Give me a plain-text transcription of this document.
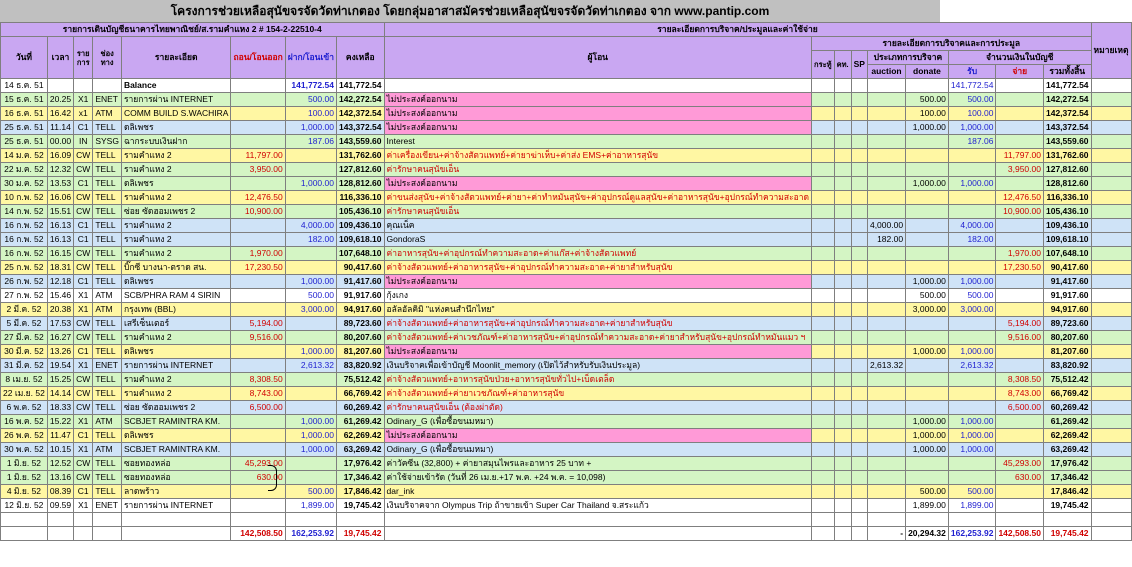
โครงการช่วยเหลือสุนัขจรจัดวัดท่าเกตอง โดยกลุ่มอาสาสมัครช่วยเหลือสุนัขจรจัดวัดท่าเกตอง จาก www.pantip.com
รายการเดินบัญชีธนาคารไทยพาณิชย์/ส.รามคำแหง 2 # 154-2-22510-4								รายละเอียดการบริจาค/ประมูลและค่าใช้จ่าย									หมายเหตุ
วันที่	เวลา	ราย การ	ช่อง ทาง	รายละเอียด	ถอน/โอนออก	ฝาก/โอนเข้า	คงเหลือ	ผู้โอน	รายละเอียดการบริจาคและการประมูล								
									กระทู้	คท.	SP	ประเภทการบริจาค		จำนวนเงินในบัญชี			
												auction	donate	รับ	จ่าย	รวมทั้งสิ้น	
14 ธ.ค. 51				Balance		141,772.54	141,772.54							141,772.54		141,772.54	
15 ธ.ค. 51	20.25	X1	ENET	รายการผ่าน INTERNET		500.00	142,272.54	ไม่ประสงค์ออกนาม					500.00	500.00		142,272.54	
16 ธ.ค. 51	16.42	x1	ATM	COMM BUILD S.WACHIRA		100.00	142,372.54	ไม่ประสงค์ออกนาม					100.00	100.00		142,372.54	
25 ธ.ค. 51	11.14	C1	TELL	ดลิเพชร		1,000.00	143,372.54	ไม่ประสงค์ออกนาม					1,000.00	1,000.00		143,372.54	
25 ธ.ค. 51	00.00	IN	SYSG	ฉากระบบเงินฝาก		187.06	143,559.60	Interest						187.06		143,559.60	
14 ม.ค. 52	16.09	CW	TELL	รามคำแหง 2	11,797.00		131,762.60	ค่าเครื่องเขียน+ค่าจ้างสัตวแพทย์+ค่ายาฆ่าเห็บ+ค่าส่ง EMS+ค่าอาหารสุนัข							11,797.00	131,762.60	
22 ม.ค. 52	12.32	CW	TELL	รามคำแหง 2	3,950.00		127,812.60	ค่ารักษาคนสุนัขเอ็น							3,950.00	127,812.60	
30 ม.ค. 52	13.53	C1	TELL	ดลิเพชร		1,000.00	128,812.60	ไม่ประสงค์ออกนาม					1,000.00	1,000.00		128,812.60	
10 ก.พ. 52	16.06	CW	TELL	รามคำแหง 2	12,476.50		116,336.10	ค่าขนส่งสุนัข+ค่าจ้างสัตวแพทย์+ค่ายา+ค่าทำหมันสุนัข+ค่าอุปกรณ์ดูแลสุนัข+ค่าอาหารสุนัข+อุปกรณ์ทำความสะอาด							12,476.50	116,336.10	
14 ก.พ. 52	15.51	CW	TELL	ซ่อย ซัดฮอมเพชร 2	10,900.00		105,436.10	ค่ารักษาคนสุนัขเอ็น							10,900.00	105,436.10	
16 ก.พ. 52	16.13	C1	TELL	รามคำแหง 2		4,000.00	109,436.10	คุณเน็ค				4,000.00		4,000.00		109,436.10	
16 ก.พ. 52	16.13	C1	TELL	รามคำแหง 2		182.00	109,618.10	GondoraS				182.00		182.00		109,618.10	
16 ก.พ. 52	16.15	CW	TELL	รามคำแหง 2	1,970.00		107,648.10	ค่าอาหารสุนัข+ค่าอุปกรณ์ทำความสะอาด+ค่าแก๊ส+ค่าจ้างสัตวแพทย์							1,970.00	107,648.10	
25 ก.พ. 52	18.31	CW	TELL	บิ๊กซี บางนา-ตราด สน.	17,230.50		90,417.60	ค่าจ้างสัตวแพทย์+ค่าอาหารสุนัข+ค่าอุปกรณ์ทำความสะอาด+ค่ายาสำหรับสุนัข							17,230.50	90,417.60	
26 ก.พ. 52	12.18	C1	TELL	ดลิเพชร		1,000.00	91,417.60	ไม่ประสงค์ออกนาม					1,000.00	1,000.00		91,417.60	
27 ก.พ. 52	15.46	X1	ATM	SCB/PHRA RAM 4 SIRIN		500.00	91,917.60	กุ้งเกง					500.00	500.00		91,917.60	
2 มี.ค. 52	20.38	X1	ATM	กรุงเทพ (BBL)		3,000.00	94,917.60	อลัลอัลคิมิ "แห่งคนสำนึกไทย"					3,000.00	3,000.00		94,917.60	
5 มี.ค. 52	17.53	CW	TELL	เสรีเซ็นเตอร์	5,194.00		89,723.60	ค่าจ้างสัตวแพทย์+ค่าอาหารสุนัข+ค่าอุปกรณ์ทำความสะอาด+ค่ายาสำหรับสุนัข							5,194.00	89,723.60	
27 มี.ค. 52	16.27	CW	TELL	รามคำแหง 2	9,516.00		80,207.60	ค่าจ้างสัตวแพทย์+ค่าเวชภัณฑ์+ค่าอาหารสุนัข+ค่าอุปกรณ์ทำความสะอาด+ค่ายาสำหรับสุนัข+อุปกรณ์ทำหมันแมว ฯ							9,516.00	80,207.60	
30 มี.ค. 52	13.26	C1	TELL	ดลิเพชร		1,000.00	81,207.60	ไม่ประสงค์ออกนาม					1,000.00	1,000.00		81,207.60	
31 มี.ค. 52	19.54	X1	ENET	รายการผ่าน INTERNET		2,613.32	83,820.92	เงินบริจาคเพื่อเข้าบัญชี Moonlit_memory (เปิดไว้สำหรับรับเงินประมูล)				2,613.32		2,613.32		83,820.92	
8 เม.ย. 52	15.25	CW	TELL	รามคำแหง 2	8,308.50		75,512.42	ค่าจ้างสัตวแพทย์+อาหารสุนัขป่วย+อาหารสุนัขทั่วไป+เบ็ดเตล็ด							8,308.50	75,512.42	
22 เม.ย. 52	14.14	CW	TELL	รามคำแหง 2	8,743.00		66,769.42	ค่าจ้างสัตวแพทย์+ค่ายาเวชภัณฑ์+ค่าอาหารสุนัข							8,743.00	66,769.42	
6 พ.ค. 52	18.33	CW	TELL	ซ่อย ซัดฮอมเพชร 2	6,500.00		60,269.42	ค่ารักษาคนสุนัขเอ็น (ต้องผ่าตัด)							6,500.00	60,269.42	
16 พ.ค. 52	15.22	X1	ATM	SCBJET RAMINTRA KM.		1,000.00	61,269.42	Odinary_G (เพื่อซื้อขนมหมา)					1,000.00	1,000.00		61,269.42	
26 พ.ค. 52	11.47	C1	TELL	ดลิเพชร		1,000.00	62,269.42	ไม่ประสงค์ออกนาม					1,000.00	1,000.00		62,269.42	
30 พ.ค. 52	10.15	X1	ATM	SCBJET RAMINTRA KM.		1,000.00	63,269.42	Odinary_G (เพื่อซื้อขนมหมา)					1,000.00	1,000.00		63,269.42	
1 มิ.ย. 52	12.52	CW	TELL	ซอยทองหล่อ	45,293.00		17,976.42	ค่าวัคซีน (32,800) + ค่ายาสมุนไพรและอาหาร 25 บาท +							45,293.00	17,976.42	
1 มิ.ย. 52	13.16	CW	TELL	ซอยทองหล่อ	630.00		17,346.42	ค่าใช้จ่ายเข้ารัด (วันที่ 26 เม.ย.+17 พ.ค. +24 พ.ค. = 10,098)							630.00	17,346.42	
4 มิ.ย. 52	08.39	C1	TELL	ลาดพร้าว		500.00	17,846.42	dar_ink					500.00	500.00		17,846.42	
12 มิ.ย. 52	09.59	X1	ENET	รายการผ่าน INTERNET		1,899.00	19,745.42	เงินบริจาคจาก Olympus Trip ถ้าขายเข้า Super Car Thailand จ.สระแก้ว					1,899.00	1,899.00		19,745.42	

					142,508.50	162,253.92	19,745.42					-	20,294.32	162,253.92	142,508.50	19,745.42	
